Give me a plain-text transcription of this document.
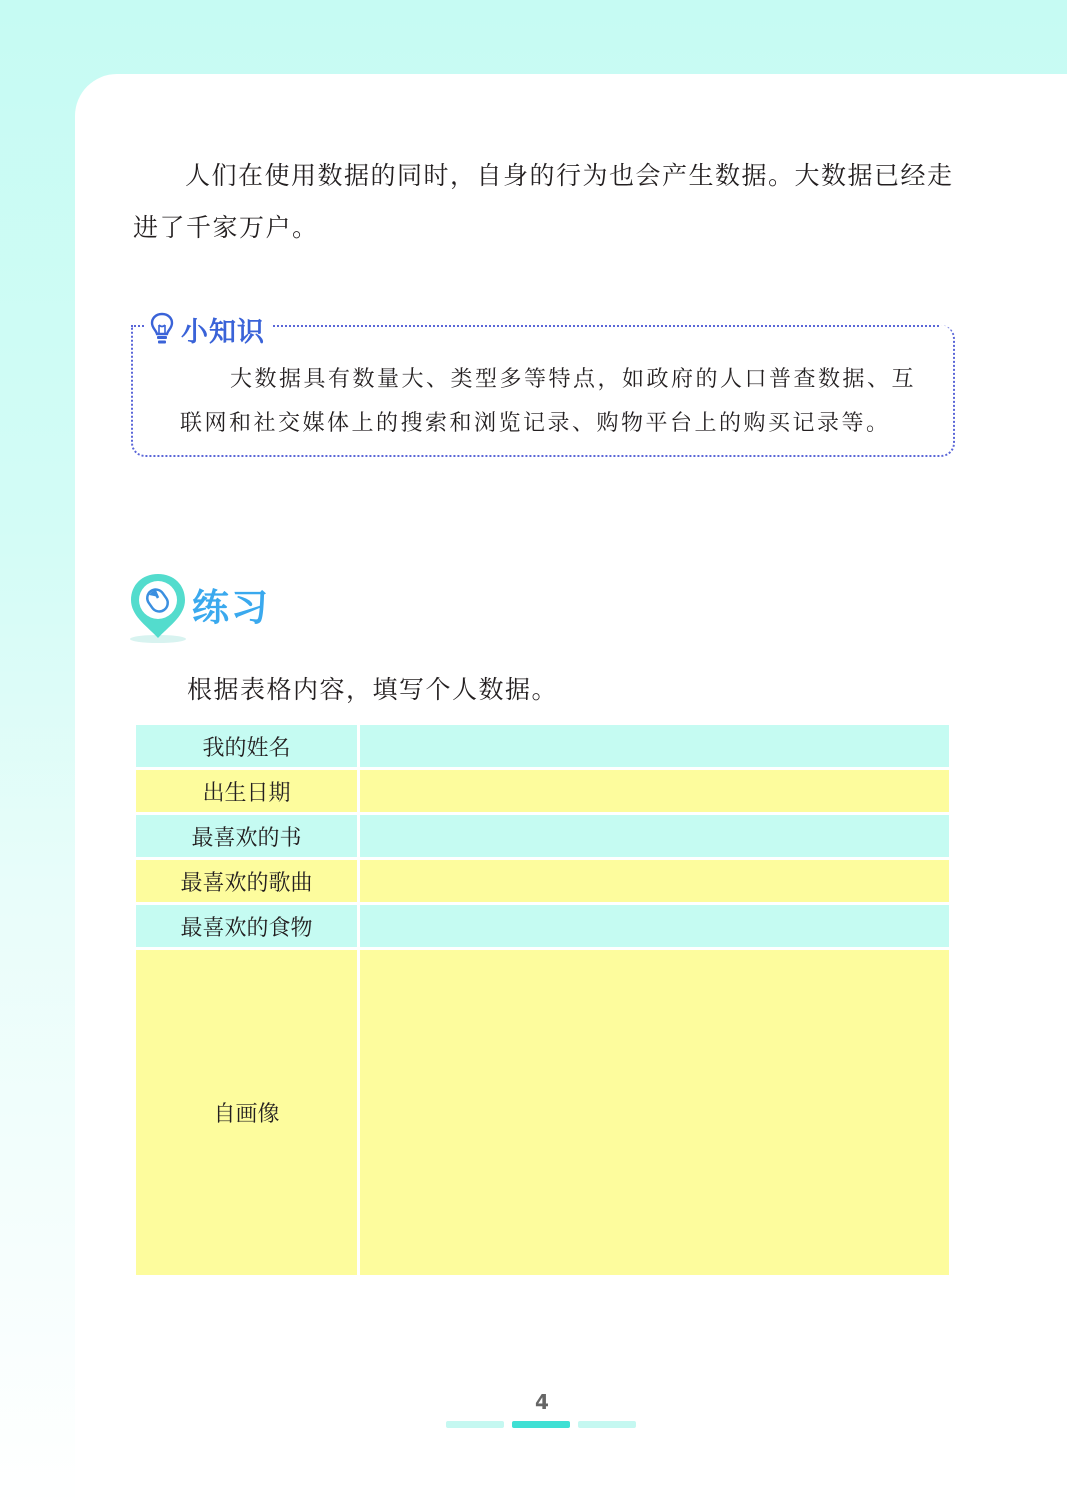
人们在使用数据的同时，自身的行为也会产生数据。大数据已经走进了千家万户。

小知识

大数据具有数量大、类型多等特点，如政府的人口普查数据、互联网和社交媒体上的搜索和浏览记录、购物平台上的购买记录等。

练习

根据表格内容，填写个人数据。

我的姓名	
出生日期	
最喜欢的书	
最喜欢的歌曲	
最喜欢的食物	
自画像	
4
